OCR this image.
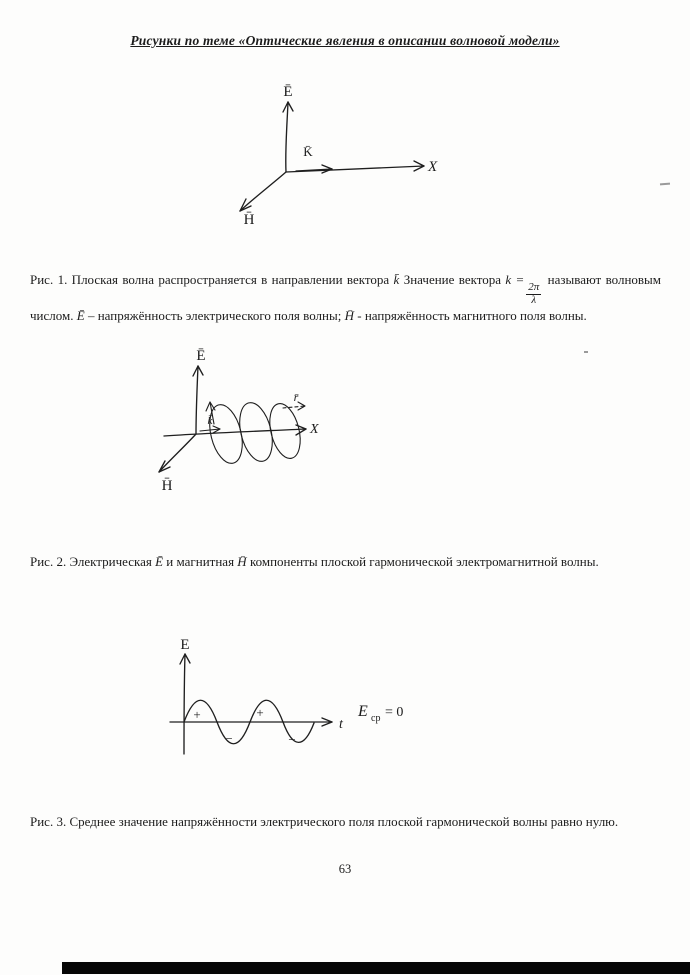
Рисунки по теме «Оптические явления в описании волновой модели»
Ē
K̄
H̄
X

Рис. 1. Плоская волна распространяется в направлении вектора k̄ Значение вектора k =
$\frac{2\pi}{\lambda}$
называют волновым числом. Ē – напряжённость электрического поля волны; H̄ - напряжённость магнитного поля волны.

Ē
H̄
X
k̄
r̄

Рис. 2. Электрическая Ē и магнитная H̄ компоненты плоской гармонической электромагнитной волны.

E
t
+
−
+
−
E ср = 0

Рис. 3. Среднее значение напряжённости электрического поля плоской гармонической волны равно нулю.

63
